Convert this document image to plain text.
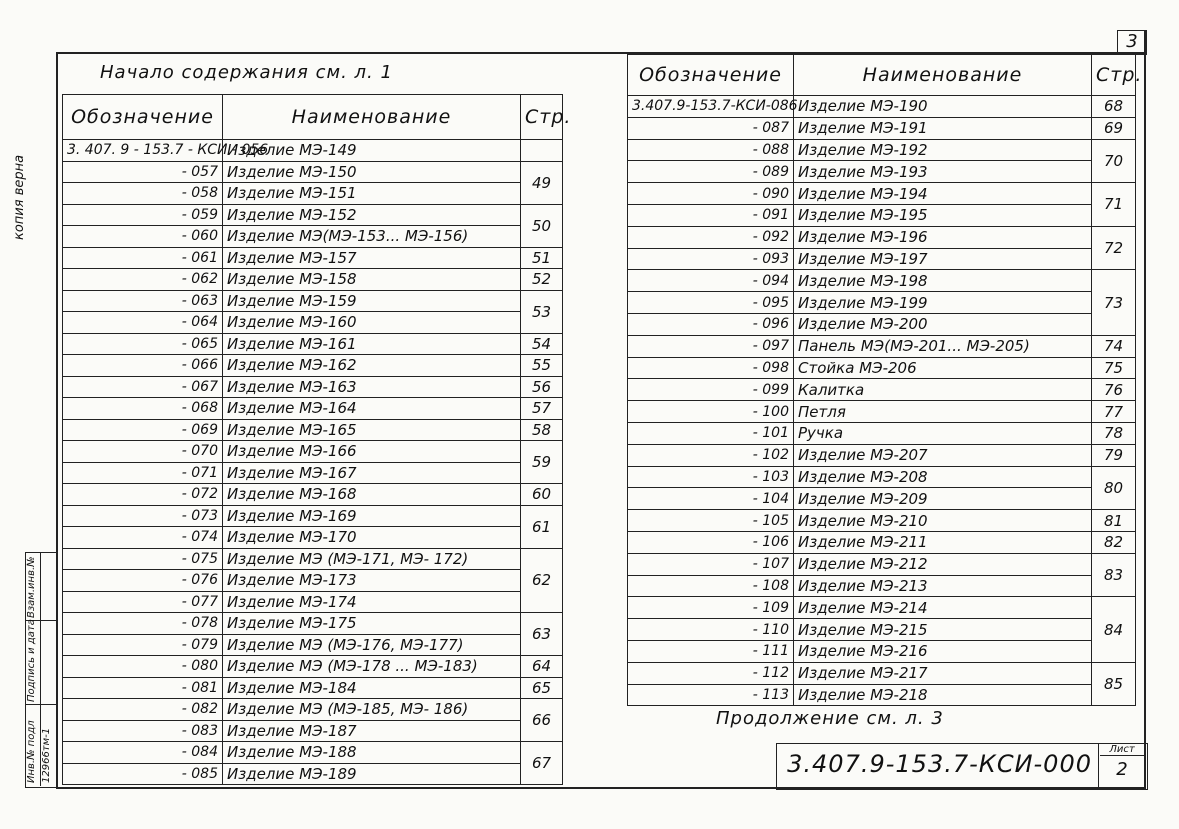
3
копия верна
Взам.инв.№
Подпись и дата
Инв.№ подл 12966тм-1
Начало содержания см. л. 1
Обозначение	Наименование	Стр.
3. 407. 9 - 153.7 - КСИ - 056	Изделие МЭ-149	
- 057	Изделие МЭ-150	49
- 058	Изделие МЭ-151	
- 059	Изделие МЭ-152	50
- 060	Изделие МЭ(МЭ-153... МЭ-156)	
- 061	Изделие МЭ-157	51
- 062	Изделие МЭ-158	52
- 063	Изделие МЭ-159	53
- 064	Изделие МЭ-160	
- 065	Изделие МЭ-161	54
- 066	Изделие МЭ-162	55
- 067	Изделие МЭ-163	56
- 068	Изделие МЭ-164	57
- 069	Изделие МЭ-165	58
- 070	Изделие МЭ-166	59
- 071	Изделие МЭ-167	
- 072	Изделие МЭ-168	60
- 073	Изделие МЭ-169	61
- 074	Изделие МЭ-170	
- 075	Изделие МЭ (МЭ-171, МЭ- 172)	62
- 076	Изделие МЭ-173	
- 077	Изделие МЭ-174	
- 078	Изделие МЭ-175	63
- 079	Изделие МЭ (МЭ-176, МЭ-177)	
- 080	Изделие МЭ (МЭ-178 ... МЭ-183)	64
- 081	Изделие МЭ-184	65
- 082	Изделие МЭ (МЭ-185, МЭ- 186)	66
- 083	Изделие МЭ-187	
- 084	Изделие МЭ-188	67
- 085	Изделие МЭ-189	
Обозначение	Наименование	Стр.
3.407.9-153.7-КСИ-086	Изделие МЭ-190	68
- 087	Изделие МЭ-191	69
- 088	Изделие МЭ-192	70
- 089	Изделие МЭ-193	
- 090	Изделие МЭ-194	71
- 091	Изделие МЭ-195	
- 092	Изделие МЭ-196	72
- 093	Изделие МЭ-197	
- 094	Изделие МЭ-198	73
- 095	Изделие МЭ-199	
- 096	Изделие МЭ-200	
- 097	Панель МЭ(МЭ-201... МЭ-205)	74
- 098	Стойка МЭ-206	75
- 099	Калитка	76
- 100	Петля	77
- 101	Ручка	78
- 102	Изделие МЭ-207	79
- 103	Изделие МЭ-208	80
- 104	Изделие МЭ-209	
- 105	Изделие МЭ-210	81
- 106	Изделие МЭ-211	82
- 107	Изделие МЭ-212	83
- 108	Изделие МЭ-213	
- 109	Изделие МЭ-214	84
- 110	Изделие МЭ-215	
- 111	Изделие МЭ-216	
- 112	Изделие МЭ-217	85
- 113	Изделие МЭ-218	
Продолжение см. л. 3
3.407.9-153.7-КСИ-000
Лист
2
